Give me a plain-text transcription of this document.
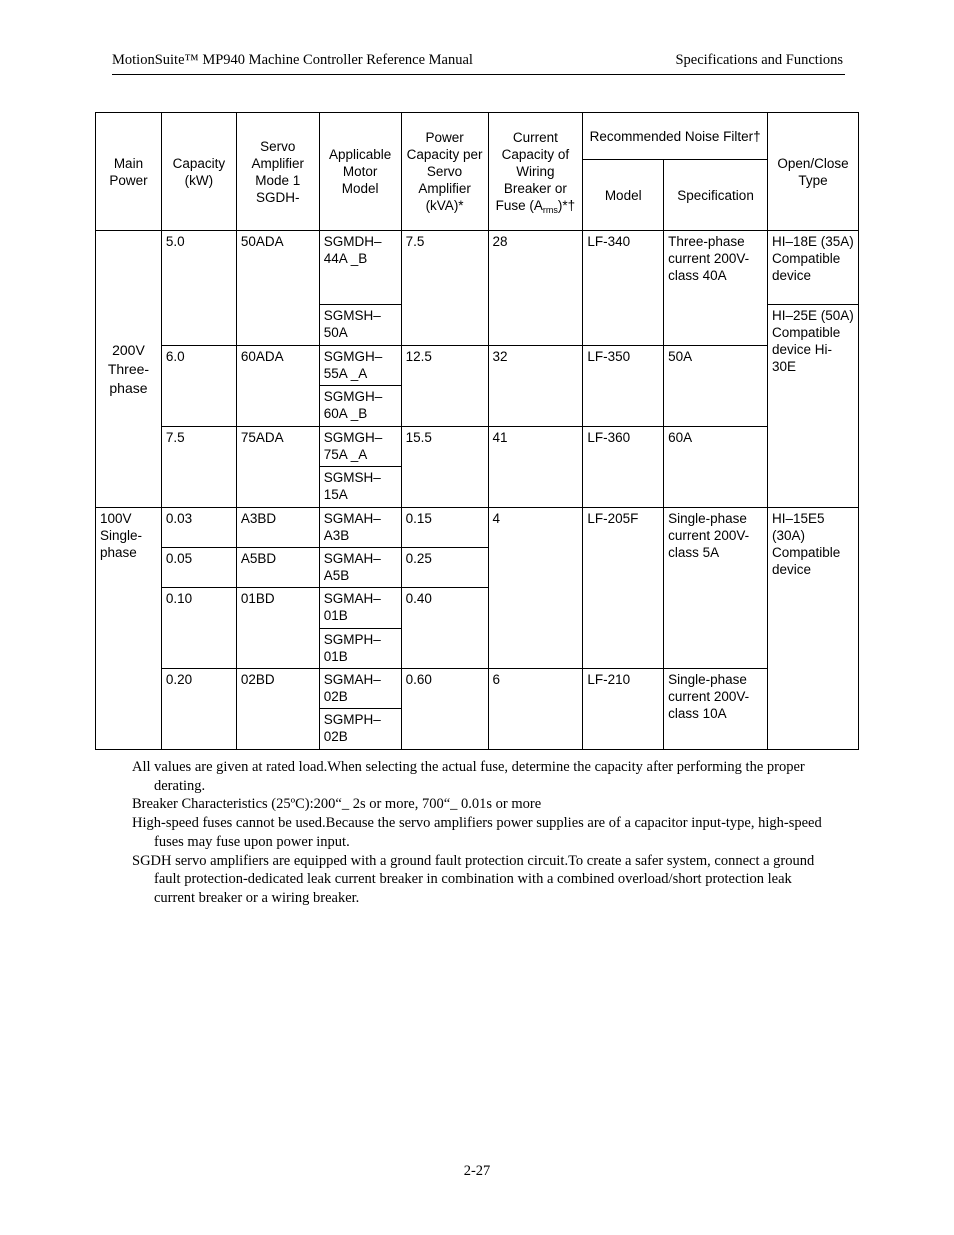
MotionSuite™ MP940 Machine Controller Reference Manual	Specifications and Functions
Main Power	Capacity (kW)	Servo Amplifier Mode 1 SGDH-	Applicable Motor Model	Power Capacity per Servo Amplifier (kVA)*	Current Capacity of Wiring Breaker or Fuse $(A_{rms})*\dagger$	Recommended Noise Filter†		Open/Close Type
						Model	Specification	
200V Three-phase	5.0	50ADA	SGMDH–44A _B	7.5	28	LF-340	Three-phase current 200V-class 40A	HI–18E (35A) Compatible device
			SGMSH–50A					HI–25E (50A) Compatible device Hi-30E
	6.0	60ADA	SGMGH–55A _A	12.5	32	LF-350	50A	
			SGMGH–60A _B					
	7.5	75ADA	SGMGH–75A _A	15.5	41	LF-360	60A	
			SGMSH–15A					
100V Single-phase	0.03	A3BD	SGMAH–A3B	0.15	4	LF-205F	Single-phase current 200V-class 5A	HI–15E5 (30A) Compatible device
	0.05	A5BD	SGMAH–A5B	0.25				
	0.10	01BD	SGMAH–01B	0.40				
			SGMPH–01B					
	0.20	02BD	SGMAH–02B	0.60	6	LF-210	Single-phase current 200V-class 10A	
			SGMPH–02B					
All values are given at rated load.When selecting the actual fuse, determine the capacity after performing the proper derating.
Breaker Characteristics (25ºC):200“_ 2s or more, 700“_ 0.01s or more
High-speed fuses cannot be used.Because the servo amplifiers power supplies are of a capacitor input-type, high-speed fuses may fuse upon power input.
SGDH servo amplifiers are equipped with a ground fault protection circuit.To create a safer system, connect a ground fault protection-dedicated leak current breaker in combination with a combined overload/short protection leak current breaker or a wiring breaker.
2-27
